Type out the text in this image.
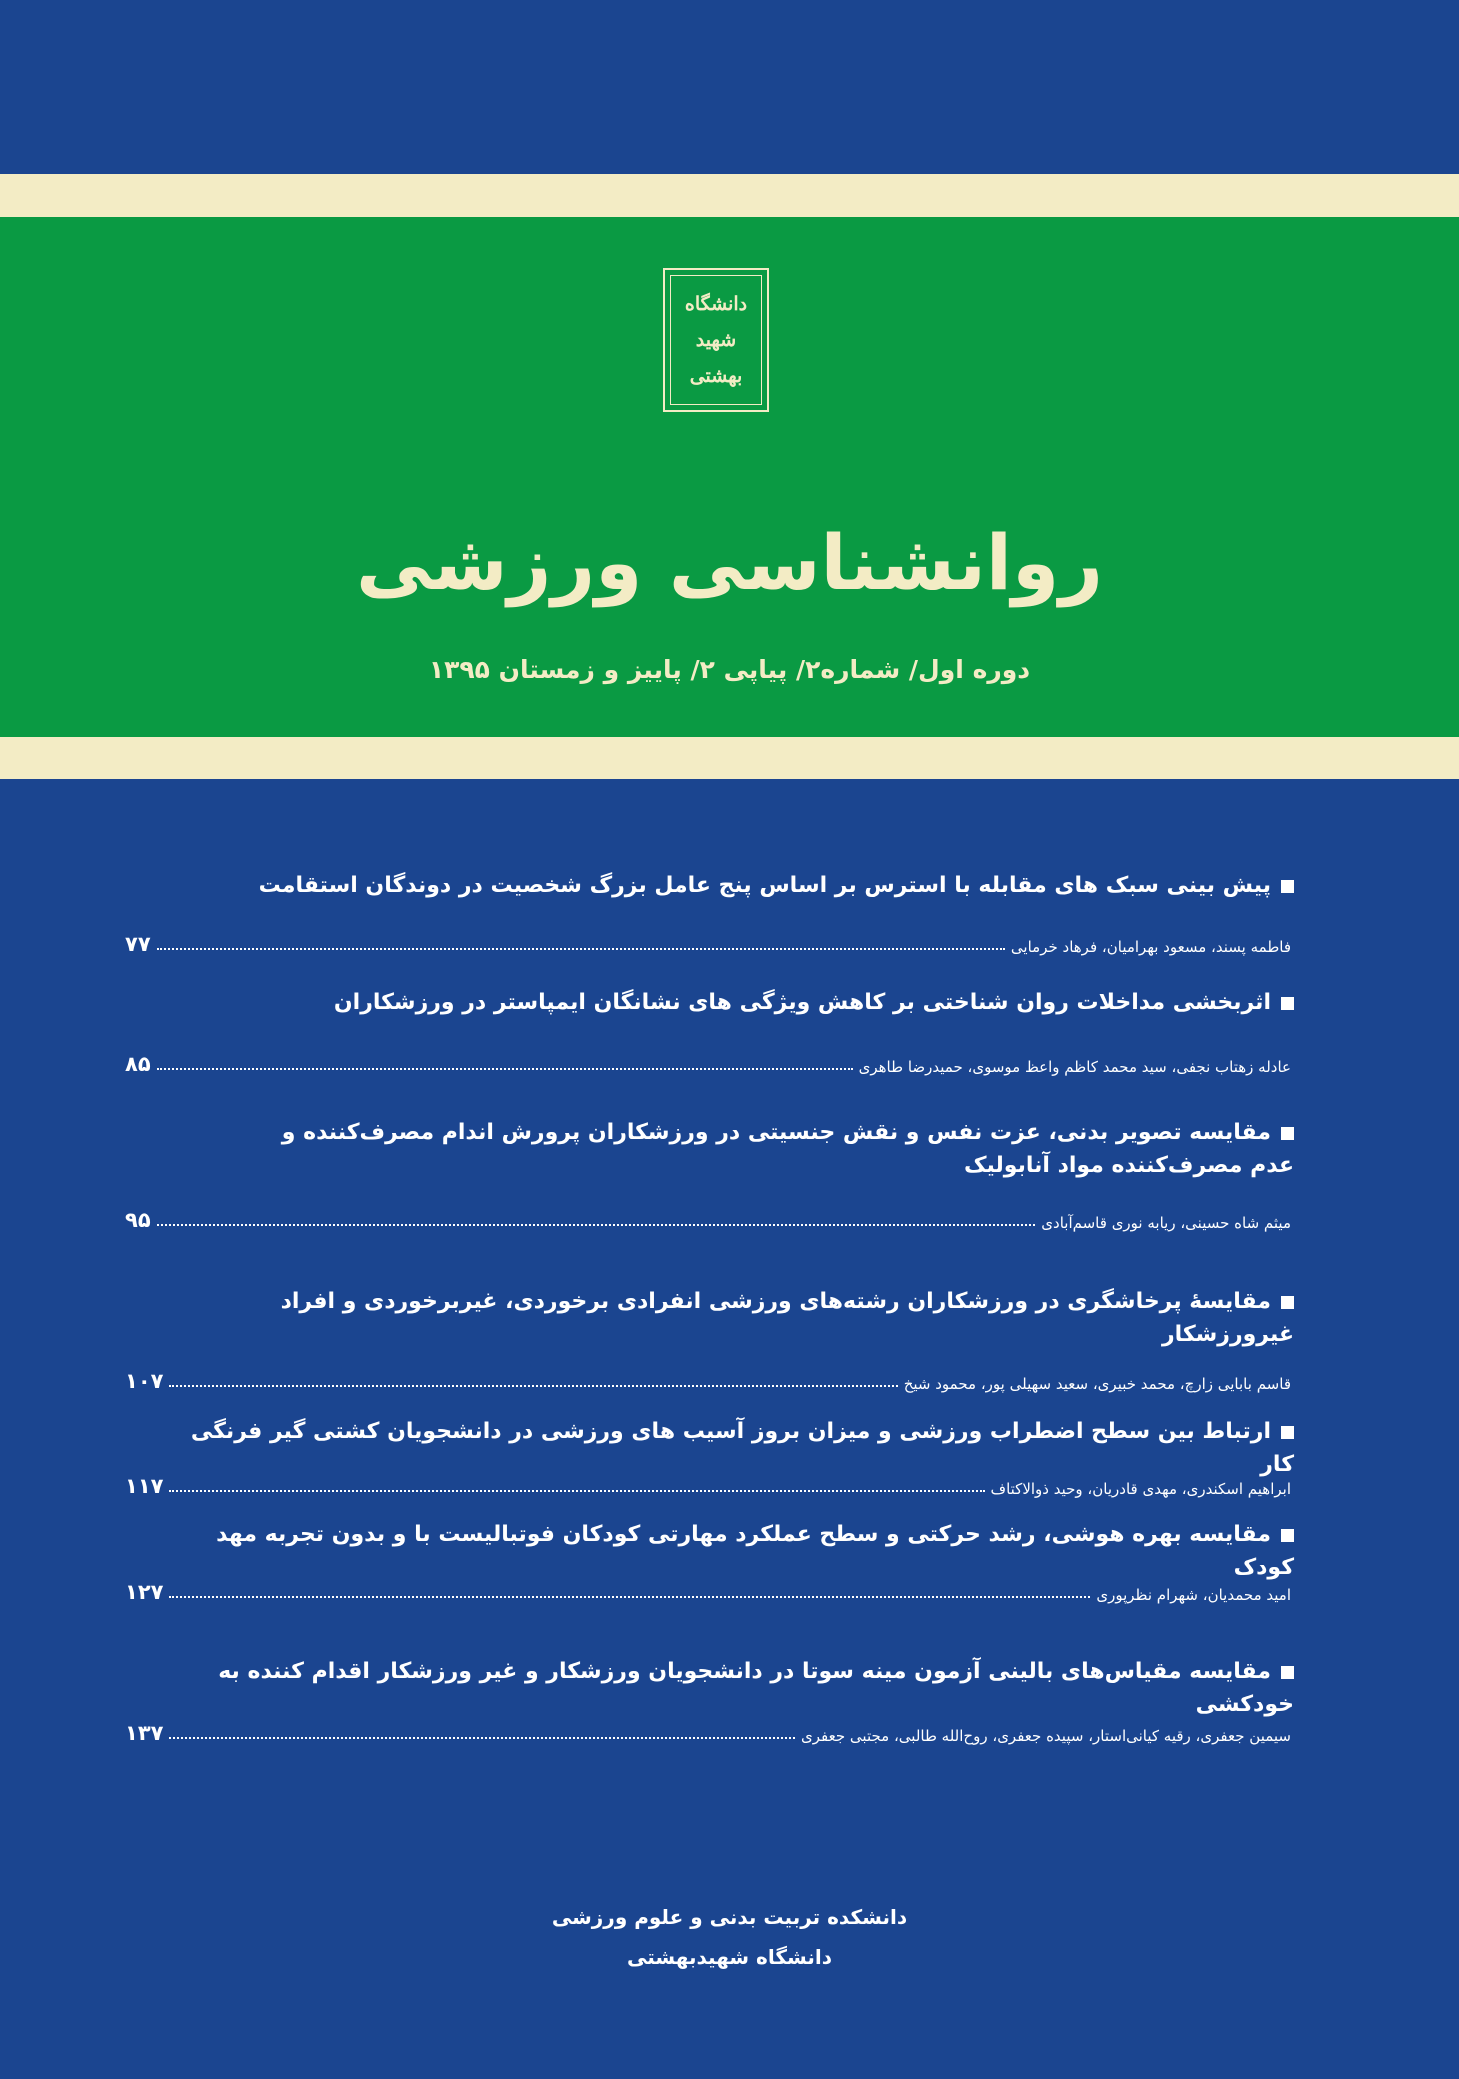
دانشگاه
شهید
بهشتی
روانشناسی ورزشی
دوره اول/ شماره۲/ پیاپی ۲/ پاییز و زمستان ۱۳۹۵
پیش بینی سبک های مقابله با استرس بر اساس پنج عامل بزرگ شخصیت در دوندگان استقامت
فاطمه پسند، مسعود بهرامیان، فرهاد خرمایی
۷۷
اثربخشی مداخلات روان شناختی بر کاهش ویژگی های نشانگان ایمپاستر در ورزشکاران
عادله زهتاب نجفی، سید محمد کاظم واعظ موسوی، حمیدرضا طاهری
۸۵
مقایسه تصویر بدنی، عزت نفس و نقش جنسیتی در ورزشکاران پرورش اندام مصرف‌کننده و عدم مصرف‌کننده مواد آنابولیک
میثم شاه حسینی، ریابه نوری قاسم‌آبادی
۹۵
مقایسۀ پرخاشگری در ورزشکاران رشته‌های ورزشی انفرادی برخوردی، غیربرخوردی و افراد غیرورزشکار
قاسم بابایی زارچ، محمد خبیری، سعید سهیلی پور، محمود شیخ
۱۰۷
ارتباط بین سطح اضطراب ورزشی و میزان بروز آسیب های ورزشی در دانشجویان کشتی گیر فرنگی کار
ابراهیم اسکندری، مهدی قادریان، وحید ذوالاکتاف
۱۱۷
مقایسه بهره هوشی، رشد حرکتی و سطح عملکرد مهارتی کودکان فوتبالیست با و بدون تجربه مهد کودک
امید محمدیان، شهرام نظرپوری
۱۲۷
مقایسه مقیاس‌های بالینی آزمون مینه سوتا در دانشجویان ورزشکار و غیر ورزشکار اقدام کننده به خودکشی
سیمین جعفری، رقیه کیانی‌استار، سپیده جعفری، روح‌الله طالبی، مجتبی جعفری
۱۳۷
دانشکده تربیت بدنی و علوم ورزشی
دانشگاه شهیدبهشتی
